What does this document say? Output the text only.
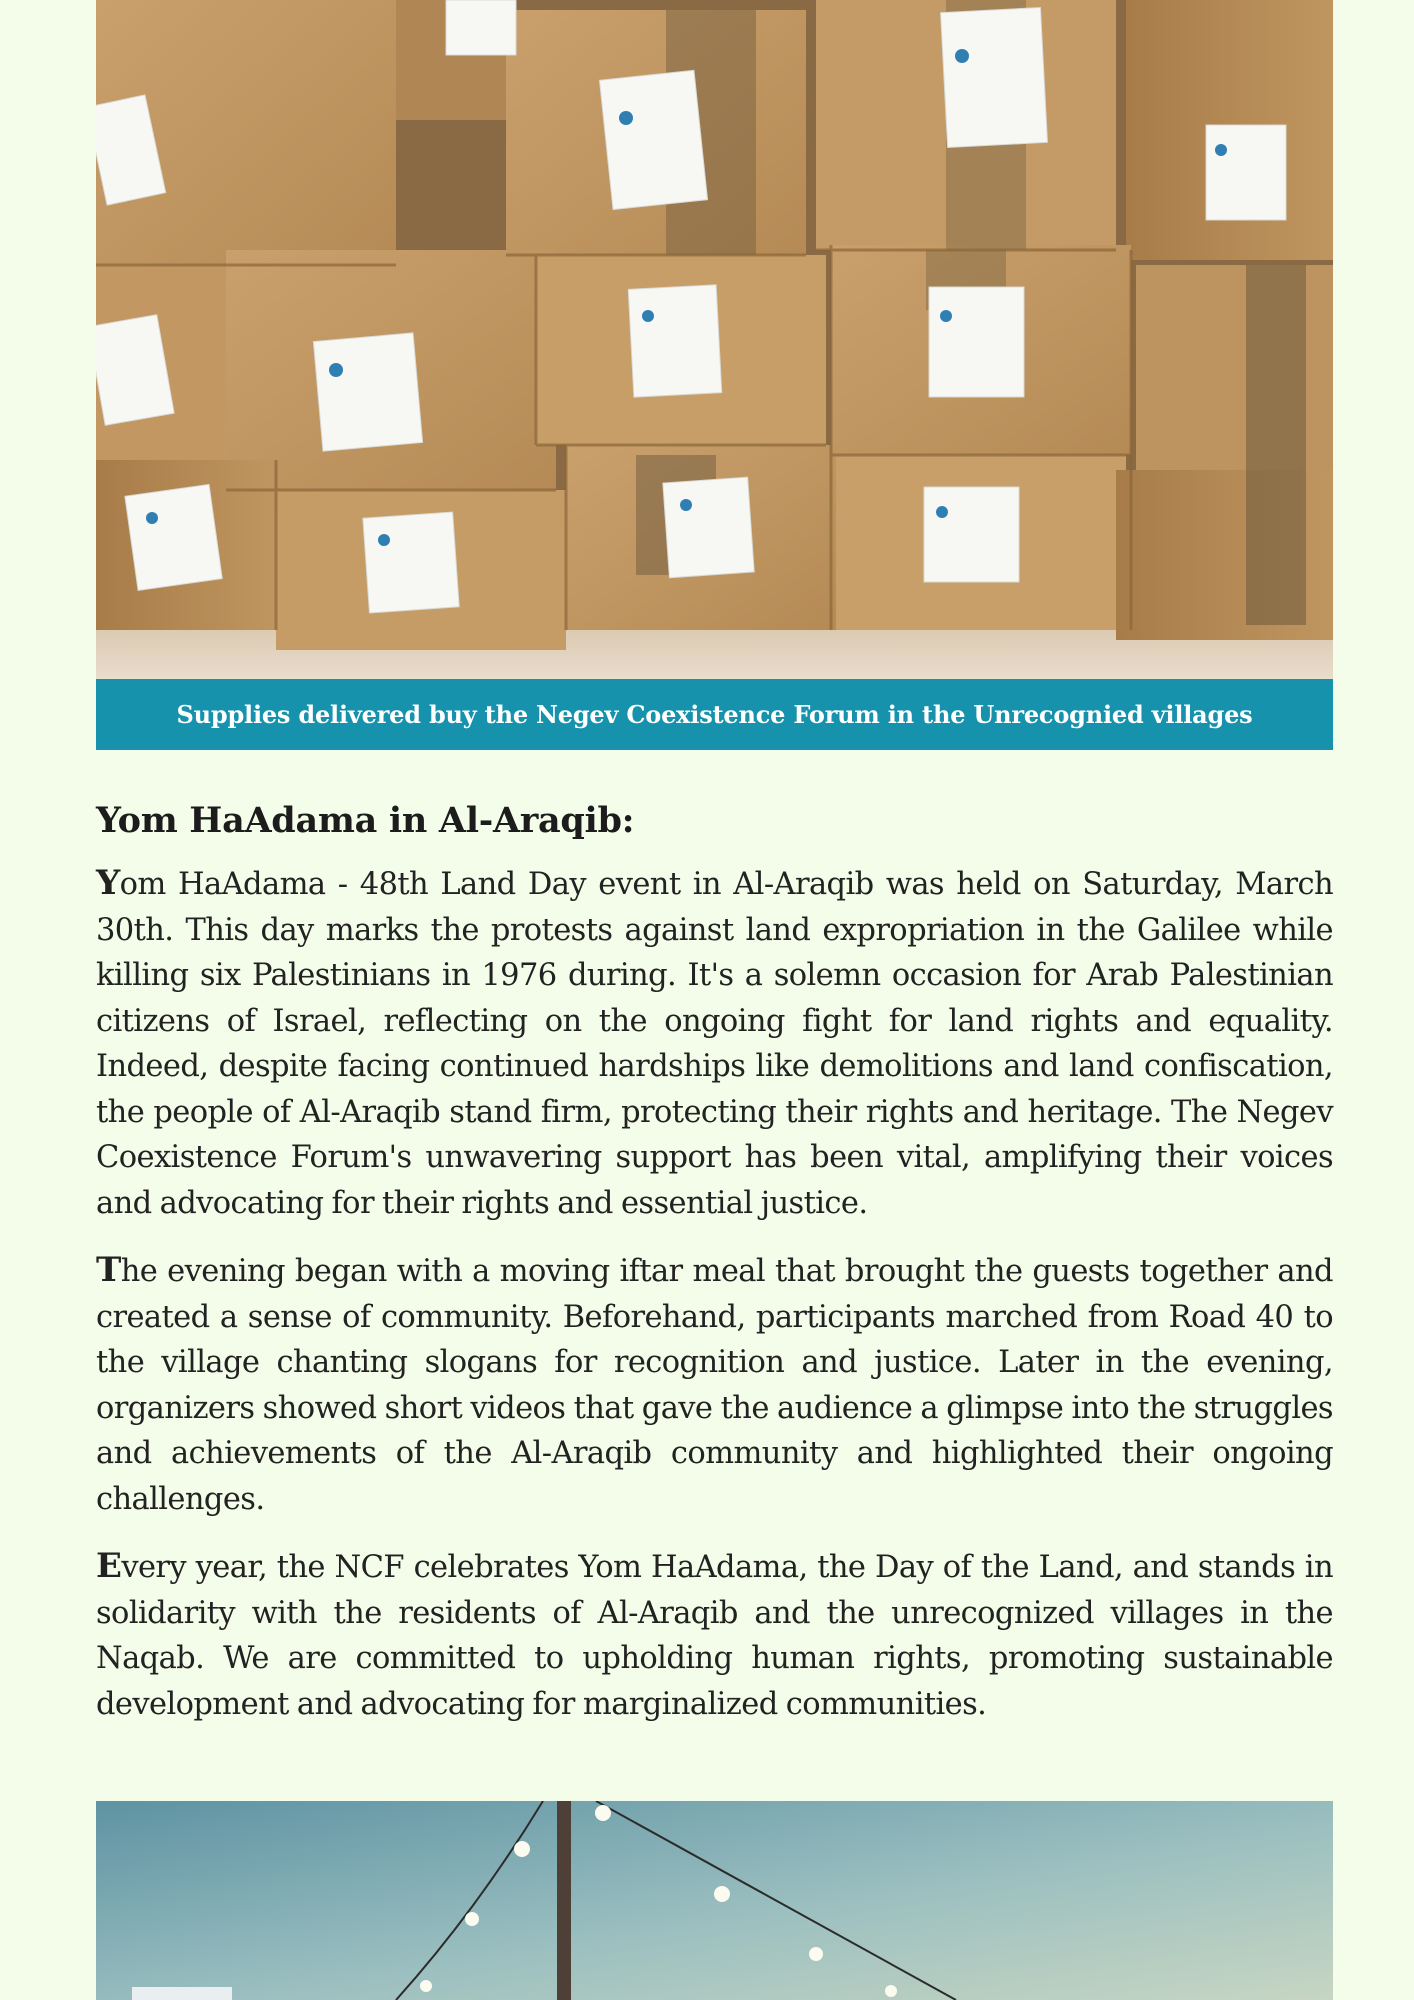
Supplies delivered buy the Negev Coexistence Forum in the Unrecognied villages
Yom HaAdama in Al-Araqib:

Yom HaAdama - 48th Land Day event in Al-Araqib was held on Saturday, March 30th. This day marks the protests against land expropriation in the Galilee while killing six Palestinians in 1976 during. It's a solemn occasion for Arab Palestinian citizens of Israel, reflecting on the ongoing fight for land rights and equality. Indeed, despite facing continued hardships like demolitions and land confiscation, the people of Al-Araqib stand firm, protecting their rights and heritage. The Negev Coexistence Forum's unwavering support has been vital, amplifying their voices and advocating for their rights and essential justice.

The evening began with a moving iftar meal that brought the guests together and created a sense of community. Beforehand, participants marched from Road 40 to the village chanting slogans for recognition and justice. Later in the evening, organizers showed short videos that gave the audience a glimpse into the struggles and achievements of the Al-Araqib community and highlighted their ongoing challenges.

Every year, the NCF celebrates Yom HaAdama, the Day of the Land, and stands in solidarity with the residents of Al-Araqib and the unrecognized villages in the Naqab. We are committed to upholding human rights, promoting sustainable development and advocating for marginalized communities.
